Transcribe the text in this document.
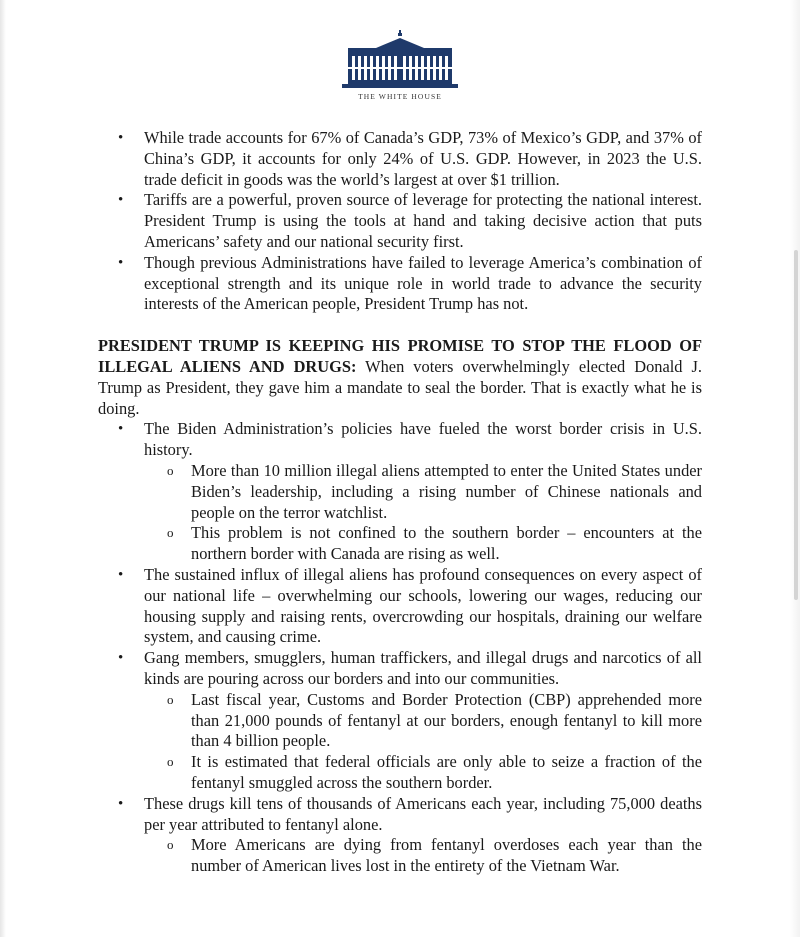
THE WHITE HOUSE
• While trade accounts for 67% of Canada’s GDP, 73% of Mexico’s GDP, and 37% of China’s GDP, it accounts for only 24% of U.S. GDP. However, in 2023 the U.S. trade deficit in goods was the world’s largest at over $1 trillion.
• Tariffs are a powerful, proven source of leverage for protecting the national interest. President Trump is using the tools at hand and taking decisive action that puts Americans’ safety and our national security first.
• Though previous Administrations have failed to leverage America’s combination of exceptional strength and its unique role in world trade to advance the security interests of the American people, President Trump has not.
PRESIDENT TRUMP IS KEEPING HIS PROMISE TO STOP THE FLOOD OF ILLEGAL ALIENS AND DRUGS: When voters overwhelmingly elected Donald J. Trump as President, they gave him a mandate to seal the border. That is exactly what he is doing.
• The Biden Administration’s policies have fueled the worst border crisis in U.S. history.
o More than 10 million illegal aliens attempted to enter the United States under Biden’s leadership, including a rising number of Chinese nationals and people on the terror watchlist.
o This problem is not confined to the southern border – encounters at the northern border with Canada are rising as well.
• The sustained influx of illegal aliens has profound consequences on every aspect of our national life – overwhelming our schools, lowering our wages, reducing our housing supply and raising rents, overcrowding our hospitals, draining our welfare system, and causing crime.
• Gang members, smugglers, human traffickers, and illegal drugs and narcotics of all kinds are pouring across our borders and into our communities.
o Last fiscal year, Customs and Border Protection (CBP) apprehended more than 21,000 pounds of fentanyl at our borders, enough fentanyl to kill more than 4 billion people.
o It is estimated that federal officials are only able to seize a fraction of the fentanyl smuggled across the southern border.
• These drugs kill tens of thousands of Americans each year, including 75,000 deaths per year attributed to fentanyl alone.
o More Americans are dying from fentanyl overdoses each year than the number of American lives lost in the entirety of the Vietnam War.
